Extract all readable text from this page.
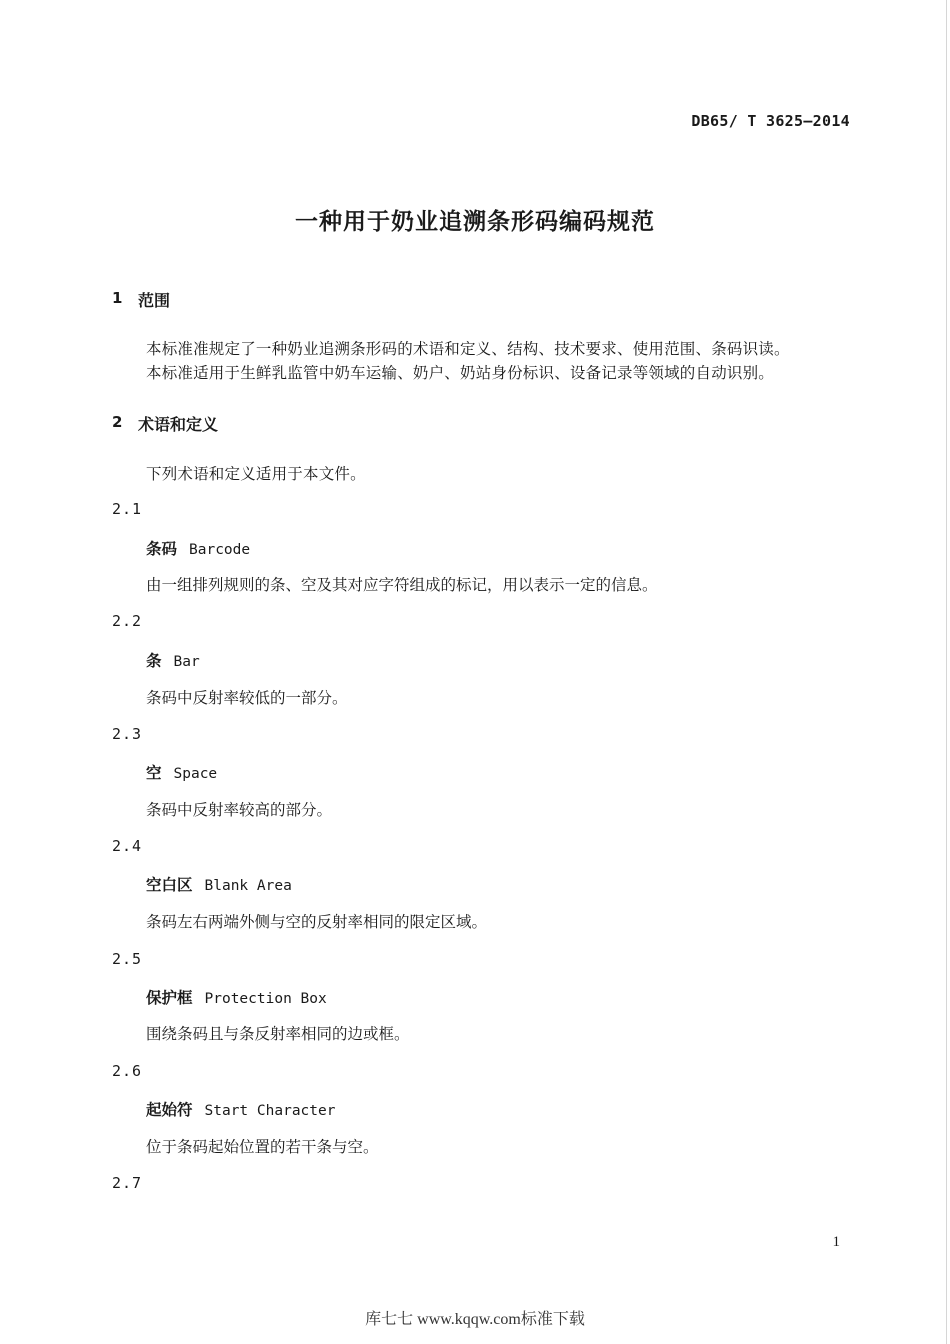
DB65/ T 3625—2014
一种用于奶业追溯条形码编码规范
1 范围
本标准准规定了一种奶业追溯条形码的术语和定义、结构、技术要求、使用范围、条码识读。
本标准适用于生鲜乳监管中奶车运输、奶户、奶站身份标识、设备记录等领域的自动识别。
2 术语和定义
下列术语和定义适用于本文件。
2.1
条码 Barcode
由一组排列规则的条、空及其对应字符组成的标记，用以表示一定的信息。
2.2
条 Bar
条码中反射率较低的一部分。
2.3
空 Space
条码中反射率较高的部分。
2.4
空白区 Blank Area
条码左右两端外侧与空的反射率相同的限定区域。
2.5
保护框 Protection Box
围绕条码且与条反射率相同的边或框。
2.6
起始符 Start Character
位于条码起始位置的若干条与空。
2.7
1
库七七 www.kqqw.com标准下载
